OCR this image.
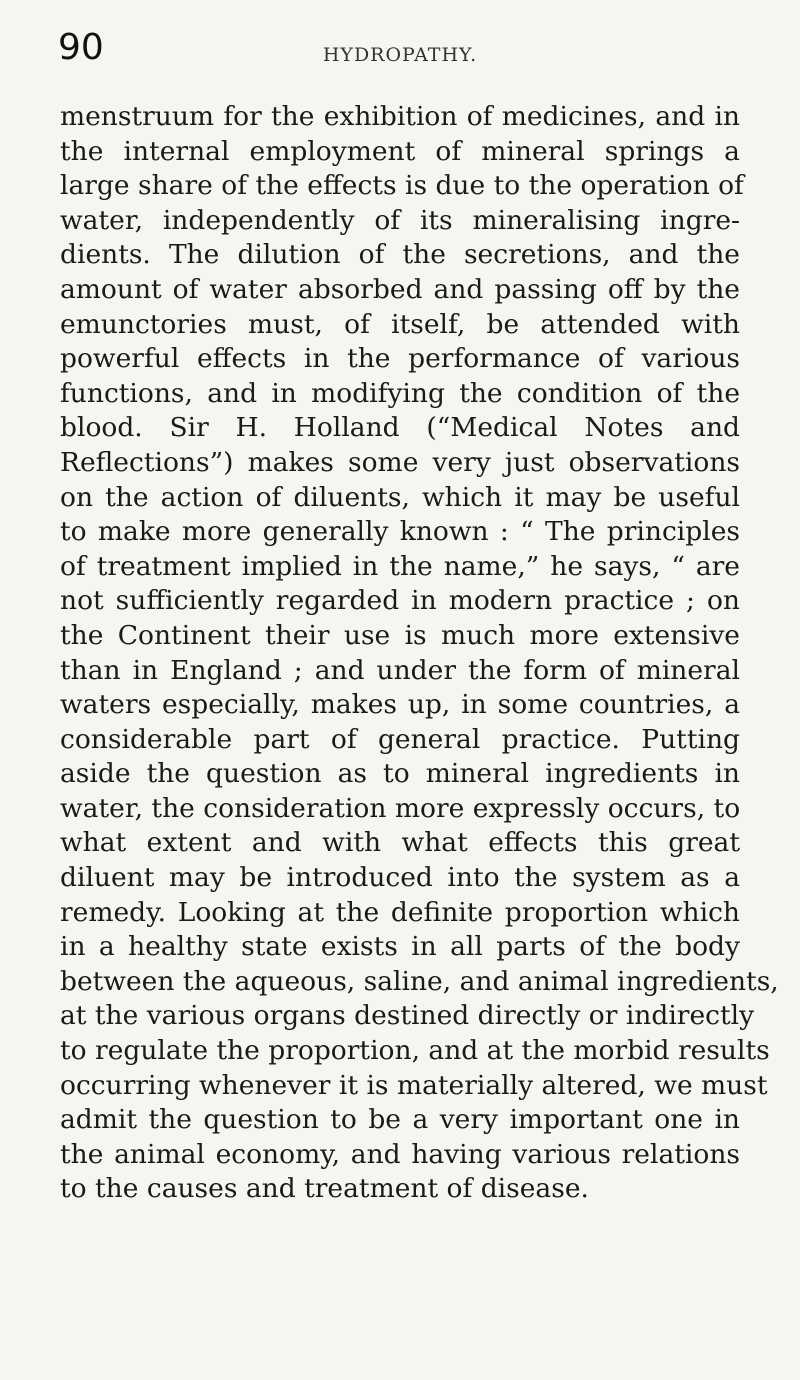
90	HYDROPATHY.
menstruum for the exhibition of medicines, and in
the internal employment of mineral springs a
large share of the effects is due to the operation of
water, independently of its mineralising ingre-
dients. The dilution of the secretions, and the
amount of water absorbed and passing off by the
emunctories must, of itself, be attended with
powerful effects in the performance of various
functions, and in modifying the condition of the
blood. Sir H. Holland (“Medical Notes and
Reflections”) makes some very just observations
on the action of diluents, which it may be useful
to make more generally known : “ The principles
of treatment implied in the name,” he says, “ are
not sufficiently regarded in modern practice ; on
the Continent their use is much more extensive
than in England ; and under the form of mineral
waters especially, makes up, in some countries, a
considerable part of general practice. Putting
aside the question as to mineral ingredients in
water, the consideration more expressly occurs, to
what extent and with what effects this great
diluent may be introduced into the system as a
remedy. Looking at the definite proportion which
in a healthy state exists in all parts of the body
between the aqueous, saline, and animal ingredients,
at the various organs destined directly or indirectly
to regulate the proportion, and at the morbid results
occurring whenever it is materially altered, we must
admit the question to be a very important one in
the animal economy, and having various relations
to the causes and treatment of disease.
